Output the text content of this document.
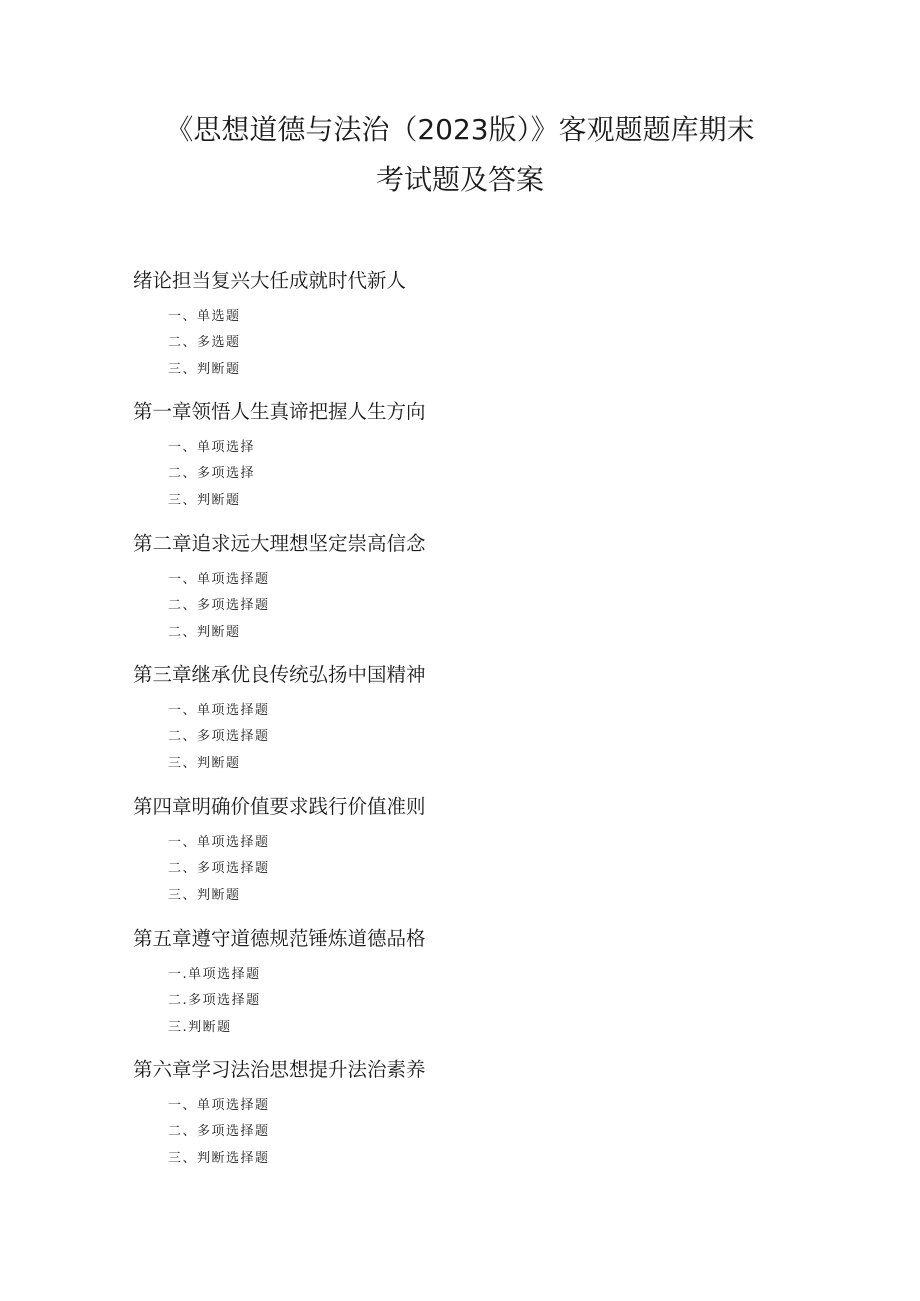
《思想道德与法治（2023版）》客观题题库期末
考试题及答案
绪论担当复兴大任成就时代新人
一、单选题
二、多选题
三、判断题
第一章领悟人生真谛把握人生方向
一、单项选择
二、多项选择
三、判断题
第二章追求远大理想坚定崇高信念
一、单项选择题
二、多项选择题
二、判断题
第三章继承优良传统弘扬中国精神
一、单项选择题
二、多项选择题
三、判断题
第四章明确价值要求践行价值准则
一、单项选择题
二、多项选择题
三、判断题
第五章遵守道德规范锤炼道德品格
一.单项选择题
二.多项选择题
三.判断题
第六章学习法治思想提升法治素养
一、单项选择题
二、多项选择题
三、判断选择题
